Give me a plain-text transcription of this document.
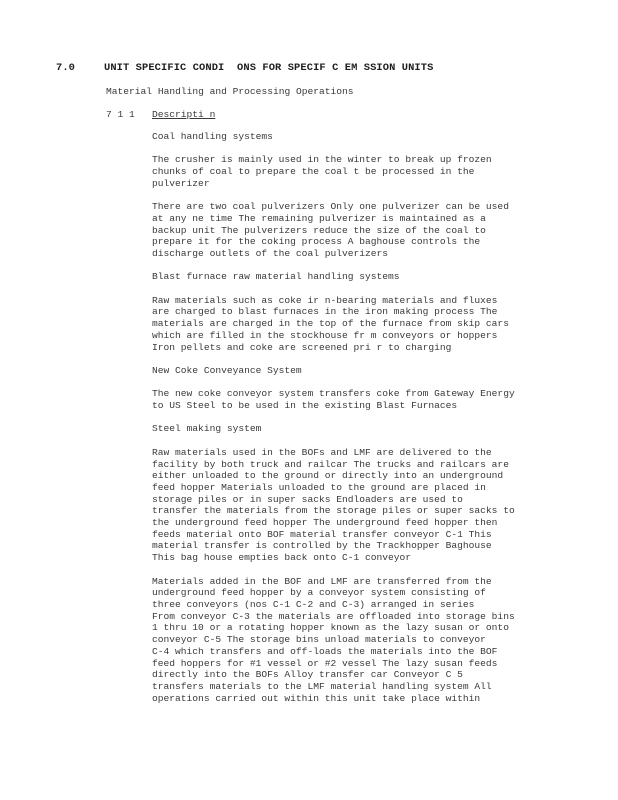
7.0	UNIT SPECIFIC CONDI  ONS FOR SPECIF C EM SSION UNITS
Material Handling and Processing Operations
7 1 1 Descripti n
Coal handling systems

The crusher is mainly used in the winter to break up frozen
chunks of coal to prepare the coal t be processed in the
pulverizer

There are two coal pulverizers Only one pulverizer can be used
at any ne time The remaining pulverizer is maintained as a
backup unit The pulverizers reduce the size of the coal to
prepare it for the coking process A baghouse controls the
discharge outlets of the coal pulverizers

Blast furnace raw material handling systems

Raw materials such as coke ir n-bearing materials and fluxes
are charged to blast furnaces in the iron making process The
materials are charged in the top of the furnace from skip cars
which are filled in the stockhouse fr m conveyors or hoppers
Iron pellets and coke are screened pri r to charging

New Coke Conveyance System

The new coke conveyor system transfers coke from Gateway Energy
to US Steel to be used in the existing Blast Furnaces

Steel making system

Raw materials used in the BOFs and LMF are delivered to the
facility by both truck and railcar The trucks and railcars are
either unloaded to the ground or directly into an underground
feed hopper Materials unloaded to the ground are placed in
storage piles or in super sacks Endloaders are used to
transfer the materials from the storage piles or super sacks to
the underground feed hopper The underground feed hopper then
feeds material onto BOF material transfer conveyor C-1 This
material transfer is controlled by the Trackhopper Baghouse
This bag house empties back onto C-1 conveyor

Materials added in the BOF and LMF are transferred from the
underground feed hopper by a conveyor system consisting of
three conveyors (nos C-1 C-2 and C-3) arranged in series
From conveyor C-3 the materials are offloaded into storage bins
1 thru 10 or a rotating hopper known as the lazy susan or onto
conveyor C-5 The storage bins unload materials to conveyor
C-4 which transfers and off-loads the materials into the BOF
feed hoppers for #1 vessel or #2 vessel The lazy susan feeds
directly into the BOFs Alloy transfer car Conveyor C 5
transfers materials to the LMF material handling system All
operations carried out within this unit take place within
